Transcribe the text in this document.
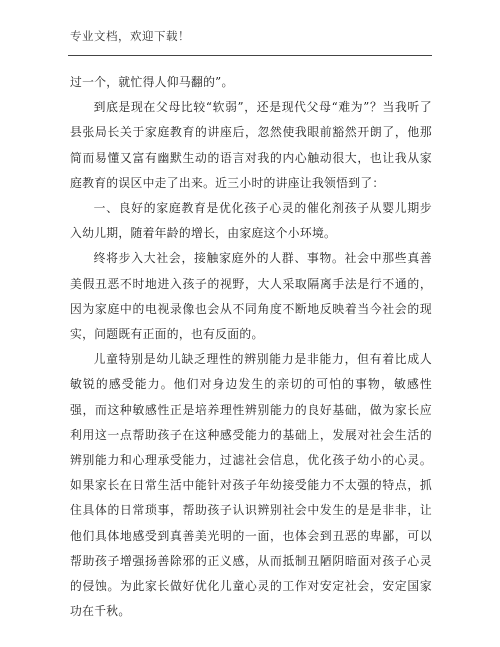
专业文档，欢迎下载！

过一个，就忙得人仰马翻的”。

到底是现在父母比较“软弱”，还是现代父母“难为”？当我听了县张局长关于家庭教育的讲座后，忽然使我眼前豁然开朗了，他那简而易懂又富有幽默生动的语言对我的内心触动很大，也让我从家庭教育的误区中走了出来。近三小时的讲座让我领悟到了：

一、良好的家庭教育是优化孩子心灵的催化剂孩子从婴儿期步入幼儿期，随着年龄的增长，由家庭这个小环境。

终将步入大社会，接触家庭外的人群、事物。社会中那些真善美假丑恶不时地进入孩子的视野，大人采取隔离手法是行不通的，因为家庭中的电视录像也会从不同角度不断地反映着当今社会的现实，问题既有正面的，也有反面的。

儿童特别是幼儿缺乏理性的辨别能力是非能力，但有着比成人敏锐的感受能力。他们对身边发生的亲切的可怕的事物，敏感性强，而这种敏感性正是培养理性辨别能力的良好基础，做为家长应利用这一点帮助孩子在这种感受能力的基础上，发展对社会生活的辨别能力和心理承受能力，过滤社会信息，优化孩子幼小的心灵。如果家长在日常生活中能针对孩子年幼接受能力不太强的特点，抓住具体的日常琐事，帮助孩子认识辨别社会中发生的是是非非，让他们具体地感受到真善美光明的一面，也体会到丑恶的卑鄙，可以帮助孩子增强扬善除邪的正义感，从而抵制丑陋阴暗面对孩子心灵的侵蚀。为此家长做好优化儿童心灵的工作对安定社会，安定国家功在千秋。
